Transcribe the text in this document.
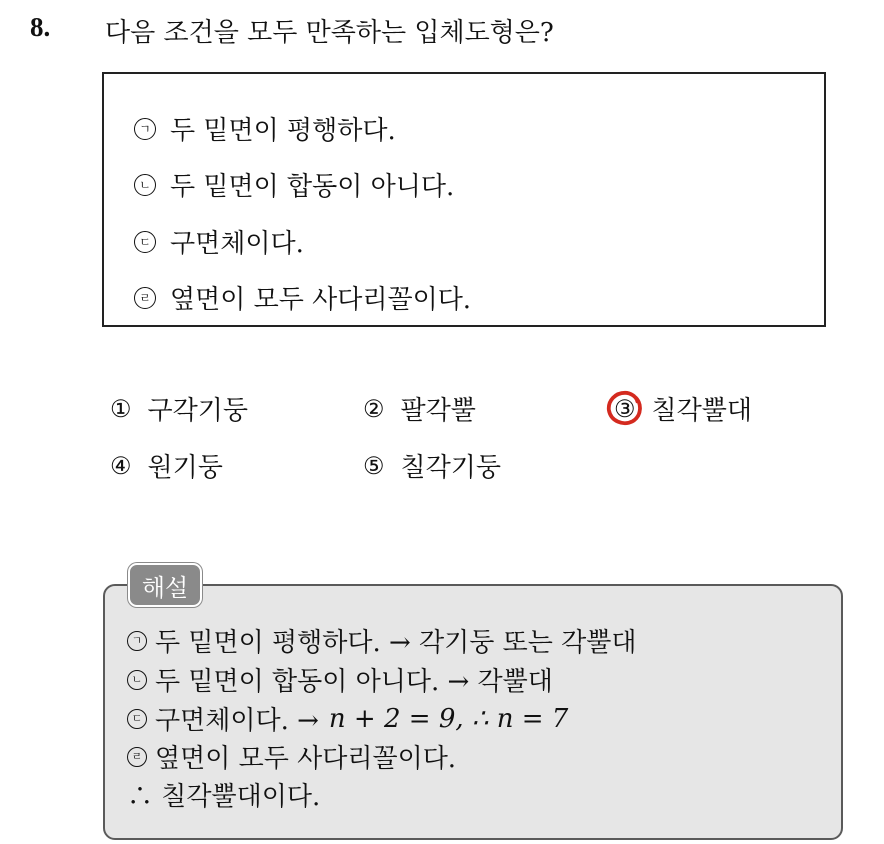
8. 다음 조건을 모두 만족하는 입체도형은?
ㄱ 두 밑면이 평행하다.
ㄴ 두 밑면이 합동이 아니다.
ㄷ 구면체이다.
ㄹ 옆면이 모두 사다리꼴이다.
① 구각기둥	② 팔각뿔	③ 칠각뿔대
④ 원기둥	⑤ 칠각기둥
해설
ㄱ 두 밑면이 평행하다. → 각기둥 또는 각뿔대
ㄴ 두 밑면이 합동이 아니다. → 각뿔대
ㄷ 구면체이다. → n + 2 = 9, ∴ n = 7
ㄹ 옆면이 모두 사다리꼴이다.
∴ 칠각뿔대이다.
